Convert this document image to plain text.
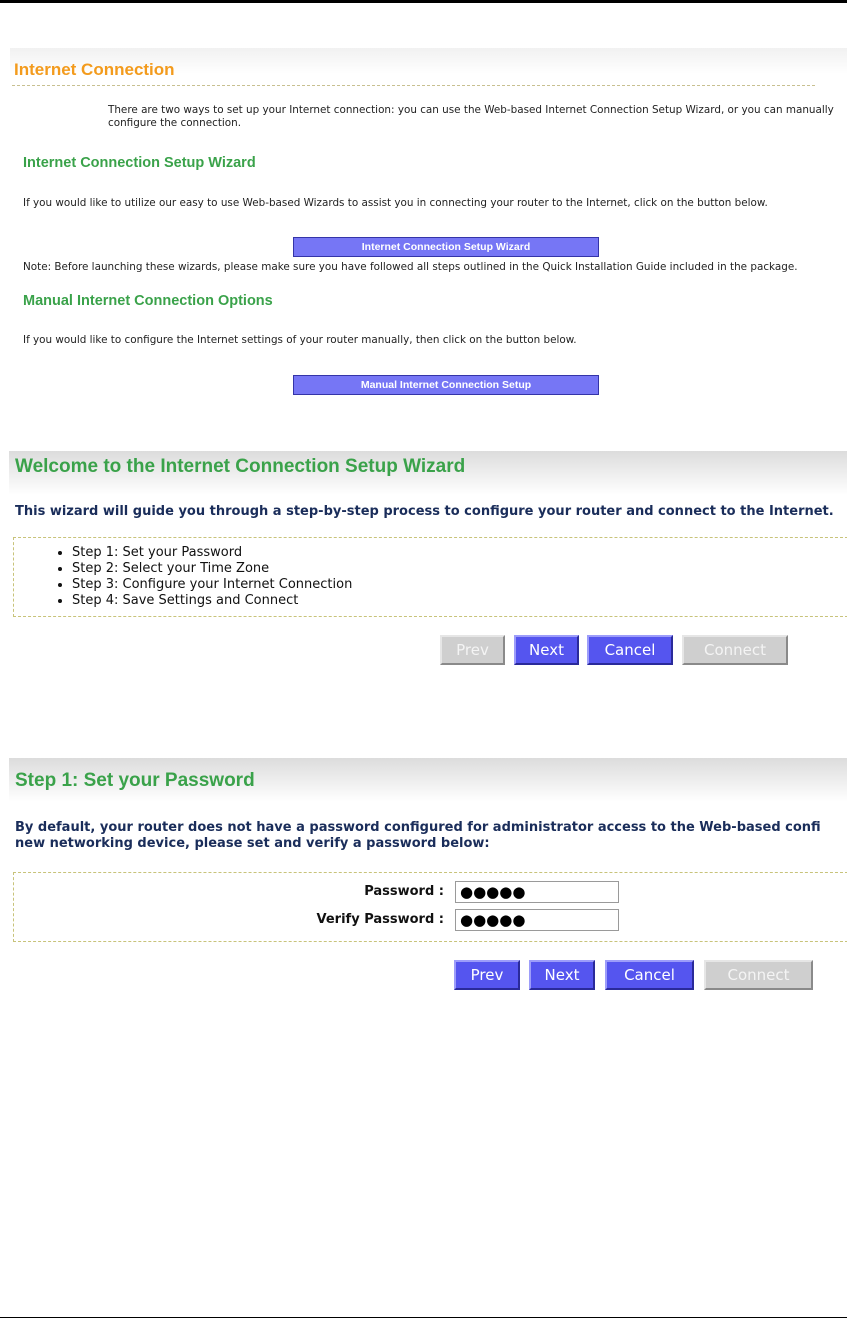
Internet Connection
There are two ways to set up your Internet connection: you can use the Web-based Internet Connection Setup Wizard, or you can manually configure the connection.
Internet Connection Setup Wizard
If you would like to utilize our easy to use Web-based Wizards to assist you in connecting your router to the Internet, click on the button below.
Internet Connection Setup Wizard
Note: Before launching these wizards, please make sure you have followed all steps outlined in the Quick Installation Guide included in the package.
Manual Internet Connection Options
If you would like to configure the Internet settings of your router manually, then click on the button below.
Manual Internet Connection Setup
Welcome to the Internet Connection Setup Wizard
This wizard will guide you through a step-by-step process to configure your router and connect to the Internet.
• Step 1: Set your Password
• Step 2: Select your Time Zone
• Step 3: Configure your Internet Connection
• Step 4: Save Settings and Connect
Prev	Next	Cancel	Connect
Step 1: Set your Password
By default, your router does not have a password configured for administrator access to the Web-based confi
new networking device, please set and verify a password below:
Password :
●●●●●
Verify Password :
●●●●●
Prev	Next	Cancel	Connect
